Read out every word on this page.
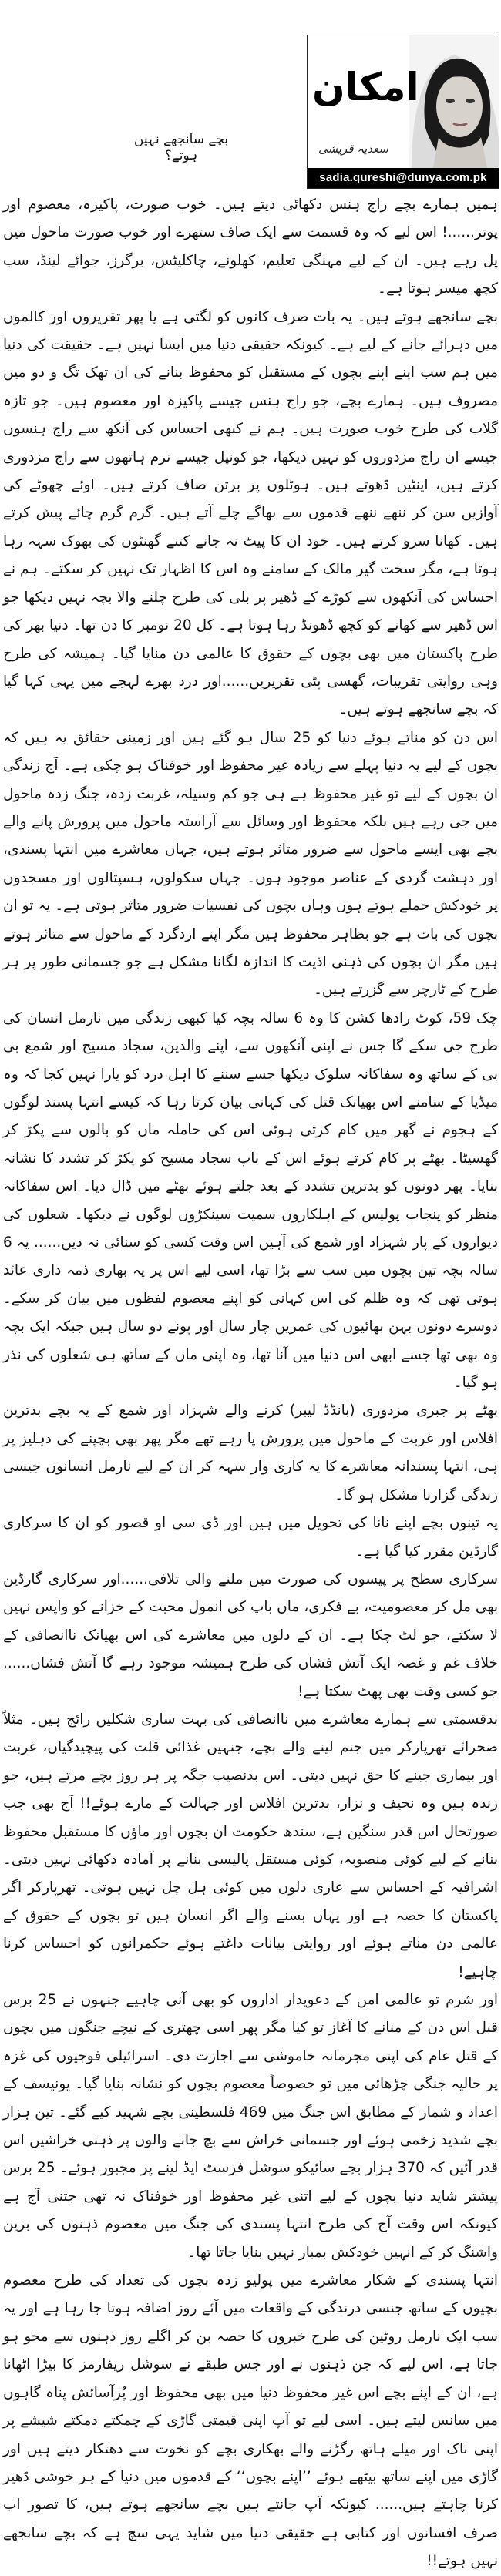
امکان
سعدیہ قریشی
sadia.qureshi@dunya.com.pk
بچے سانجھے نہیں ہوتے؟

ہمیں ہمارے بچے راج ہنس دکھائی دیتے ہیں۔ خوب صورت، پاکیزہ، معصوم اور پوتر......! اس لیے کہ وہ قسمت سے ایک صاف ستھرے اور خوب صورت ماحول میں پل رہے ہیں۔ ان کے لیے مہنگی تعلیم، کھلونے، چاکلیٹس، برگرز، جوائے لینڈ، سب کچھ میسر ہوتا ہے۔

بچے سانجھے ہوتے ہیں۔ یہ بات صرف کانوں کو لگتی ہے یا پھر تقریروں اور کالموں میں دہرائے جانے کے لیے ہے۔ کیونکہ حقیقی دنیا میں ایسا نہیں ہے۔ حقیقت کی دنیا میں ہم سب اپنے اپنے بچوں کے مستقبل کو محفوظ بنانے کی ان تھک تگ و دو میں مصروف ہیں۔ ہمارے بچے، جو راج ہنس جیسے پاکیزہ اور معصوم ہیں۔ جو تازہ گلاب کی طرح خوب صورت ہیں۔ ہم نے کبھی احساس کی آنکھ سے راج ہنسوں جیسے ان راج مزدوروں کو نہیں دیکھا، جو کونپل جیسے نرم ہاتھوں سے راج مزدوری کرتے ہیں، اینٹیں ڈھوتے ہیں۔ ہوٹلوں پر برتن صاف کرتے ہیں۔ اوئے چھوٹے کی آوازیں سن کر ننھے ننھے قدموں سے بھاگے چلے آتے ہیں۔ گرم گرم چائے پیش کرتے ہیں۔ کھانا سرو کرتے ہیں۔ خود ان کا پیٹ نہ جانے کتنے گھنٹوں کی بھوک سہہ رہا ہوتا ہے، مگر سخت گیر مالک کے سامنے وہ اس کا اظہار تک نہیں کر سکتے۔ ہم نے احساس کی آنکھوں سے کوڑے کے ڈھیر پر بلی کی طرح چلنے والا بچہ نہیں دیکھا جو اس ڈھیر سے کھانے کو کچھ ڈھونڈ رہا ہوتا ہے۔ کل 20 نومبر کا دن تھا۔ دنیا بھر کی طرح پاکستان میں بھی بچوں کے حقوق کا عالمی دن منایا گیا۔ ہمیشہ کی طرح وہی روایتی تقریبات، گھسی پٹی تقریریں......اور درد بھرے لہجے میں یہی کہا گیا کہ بچے سانجھے ہوتے ہیں۔

اس دن کو مناتے ہوئے دنیا کو 25 سال ہو گئے ہیں اور زمینی حقائق یہ ہیں کہ بچوں کے لیے یہ دنیا پہلے سے زیادہ غیر محفوظ اور خوفناک ہو چکی ہے۔ آج زندگی ان بچوں کے لیے تو غیر محفوظ ہے ہی جو کم وسیلہ، غربت زدہ، جنگ زدہ ماحول میں جی رہے ہیں بلکہ محفوظ اور وسائل سے آراستہ ماحول میں پرورش پانے والے بچے بھی ایسے ماحول سے ضرور متاثر ہوتے ہیں، جہاں معاشرے میں انتہا پسندی، اور دہشت گردی کے عناصر موجود ہوں۔ جہاں سکولوں، ہسپتالوں اور مسجدوں پر خودکش حملے ہوتے ہوں وہاں بچوں کی نفسیات ضرور متاثر ہوتی ہے۔ یہ تو ان بچوں کی بات ہے جو بظاہر محفوظ ہیں مگر اپنے اردگرد کے ماحول سے متاثر ہوتے ہیں مگر ان بچوں کی ذہنی اذیت کا اندازہ لگانا مشکل ہے جو جسمانی طور پر ہر طرح کے ٹارچر سے گزرتے ہیں۔

چک 59، کوٹ رادھا کشن کا وہ 6 سالہ بچہ کیا کبھی زندگی میں نارمل انسان کی طرح جی سکے گا جس نے اپنی آنکھوں سے، اپنے والدین، سجاد مسیح اور شمع بی بی کے ساتھ وہ سفاکانہ سلوک دیکھا جسے سننے کا اہل درد کو یارا نہیں کجا کہ وہ میڈیا کے سامنے اس بھیانک قتل کی کہانی بیان کرتا رہا کہ کیسے انتہا پسند لوگوں کے ہجوم نے گھر میں کام کرتی ہوئی اس کی حاملہ ماں کو بالوں سے پکڑ کر گھسیٹا۔ بھٹے پر کام کرتے ہوئے اس کے باپ سجاد مسیح کو پکڑ کر تشدد کا نشانہ بنایا۔ پھر دونوں کو بدترین تشدد کے بعد جلتے ہوئے بھٹے میں ڈال دیا۔ اس سفاکانہ منظر کو پنجاب پولیس کے اہلکاروں سمیت سینکڑوں لوگوں نے دیکھا۔ شعلوں کی دیواروں کے پار شہزاد اور شمع کی آہیں اس وقت کسی کو سنائی نہ دیں...... یہ 6 سالہ بچہ تین بچوں میں سب سے بڑا تھا، اسی لیے اس پر یہ بھاری ذمہ داری عائد ہوتی تھی کہ وہ ظلم کی اس کہانی کو اپنے معصوم لفظوں میں بیان کر سکے۔ دوسرے دونوں بہن بھائیوں کی عمریں چار سال اور پونے دو سال ہیں جبکہ ایک بچہ وہ بھی تھا جسے ابھی اس دنیا میں آنا تھا، وہ اپنی ماں کے ساتھ ہی شعلوں کی نذر ہو گیا۔

بھٹے پر جبری مزدوری (بانڈڈ لیبر) کرنے والے شہزاد اور شمع کے یہ بچے بدترین افلاس اور غربت کے ماحول میں پرورش پا رہے تھے مگر پھر بھی بچپنے کی دہلیز پر ہی، انتہا پسندانہ معاشرے کا یہ کاری وار سہہ کر ان کے لیے نارمل انسانوں جیسی زندگی گزارنا مشکل ہو گا۔

یہ تینوں بچے اپنے نانا کی تحویل میں ہیں اور ڈی سی او قصور کو ان کا سرکاری گارڈین مقرر کیا گیا ہے۔

سرکاری سطح پر پیسوں کی صورت میں ملنے والی تلافی......اور سرکاری گارڈین بھی مل کر معصومیت، بے فکری، ماں باپ کی انمول محبت کے خزانے کو واپس نہیں لا سکتے، جو لٹ چکا ہے۔ ان کے دلوں میں معاشرے کی اس بھیانک ناانصافی کے خلاف غم و غصہ ایک آتش فشاں کی طرح ہمیشہ موجود رہے گا آتش فشاں...... جو کسی وقت بھی پھٹ سکتا ہے!

بدقسمتی سے ہمارے معاشرے میں ناانصافی کی بہت ساری شکلیں رائج ہیں۔ مثلاً صحرائے تھرپارکر میں جنم لینے والے بچے، جنہیں غذائی قلت کی پیچیدگیاں، غربت اور بیماری جینے کا حق نہیں دیتی۔ اس بدنصیب جگہ پر ہر روز بچے مرتے ہیں، جو زندہ ہیں وہ نحیف و نزار، بدترین افلاس اور جہالت کے مارے ہوئے!! آج بھی جب صورتحال اس قدر سنگین ہے، سندھ حکومت ان بچوں اور ماؤں کا مستقبل محفوظ بنانے کے لیے کوئی منصوبہ، کوئی مستقل پالیسی بنانے پر آمادہ دکھائی نہیں دیتی۔ اشرافیہ کے احساس سے عاری دلوں میں کوئی ہل چل نہیں ہوتی۔ تھرپارکر اگر پاکستان کا حصہ ہے اور یہاں بسنے والے اگر انسان ہیں تو بچوں کے حقوق کے عالمی دن مناتے ہوئے اور روایتی بیانات داغتے ہوئے حکمرانوں کو احساس کرنا چاہیے!

اور شرم تو عالمی امن کے دعویدار اداروں کو بھی آنی چاہیے جنہوں نے 25 برس قبل اس دن کے منانے کا آغاز تو کیا مگر پھر اسی چھتری کے نیچے جنگوں میں بچوں کے قتل عام کی اپنی مجرمانہ خاموشی سے اجازت دی۔ اسرائیلی فوجیوں کی غزہ پر حالیہ جنگی چڑھائی میں تو خصوصاً معصوم بچوں کو نشانہ بنایا گیا۔ یونیسف کے اعداد و شمار کے مطابق اس جنگ میں 469 فلسطینی بچے شہید کیے گئے۔ تین ہزار بچے شدید زخمی ہوئے اور جسمانی خراش سے بچ جانے والوں پر ذہنی خراشیں اس قدر آئیں کہ 370 ہزار بچے سائیکو سوشل فرسٹ ایڈ لینے پر مجبور ہوئے۔ 25 برس پیشتر شاید دنیا بچوں کے لیے اتنی غیر محفوظ اور خوفناک نہ تھی جتنی آج ہے کیونکہ اس وقت آج کی طرح انتہا پسندی کی جنگ میں معصوم ذہنوں کی برین واشنگ کر کے انہیں خودکش بمبار نہیں بنایا جاتا تھا۔

انتہا پسندی کے شکار معاشرے میں پولیو زدہ بچوں کی تعداد کی طرح معصوم بچیوں کے ساتھ جنسی درندگی کے واقعات میں آئے روز اضافہ ہوتا جا رہا ہے اور یہ سب ایک نارمل روٹین کی طرح خبروں کا حصہ بن کر اگلے روز ذہنوں سے محو ہو جاتا ہے، اس لیے کہ جن ذہنوں نے اور جس طبقے نے سوشل ریفارمز کا بیڑا اٹھانا ہے، ان کے اپنے بچے اس غیر محفوظ دنیا میں بھی محفوظ اور پُرآسائش پناہ گاہوں میں سانس لیتے ہیں۔ اسی لیے تو آپ اپنی قیمتی گاڑی کے چمکتے دمکتے شیشے پر اپنی ناک اور میلے ہاتھ رگڑنے والے بھکاری بچے کو نخوت سے دھتکار دیتے ہیں اور گاڑی میں اپنے ساتھ بیٹھے ہوئے ’’اپنے بچوں‘‘ کے قدموں میں دنیا کے ہر خوشی ڈھیر کرنا چاہتے ہیں...... کیونکہ آپ جانتے ہیں بچے سانجھے ہوتے ہیں، کا تصور اب صرف افسانوں اور کتابی ہے حقیقی دنیا میں شاید یہی سچ ہے کہ بچے سانجھے نہیں ہوتے!!
